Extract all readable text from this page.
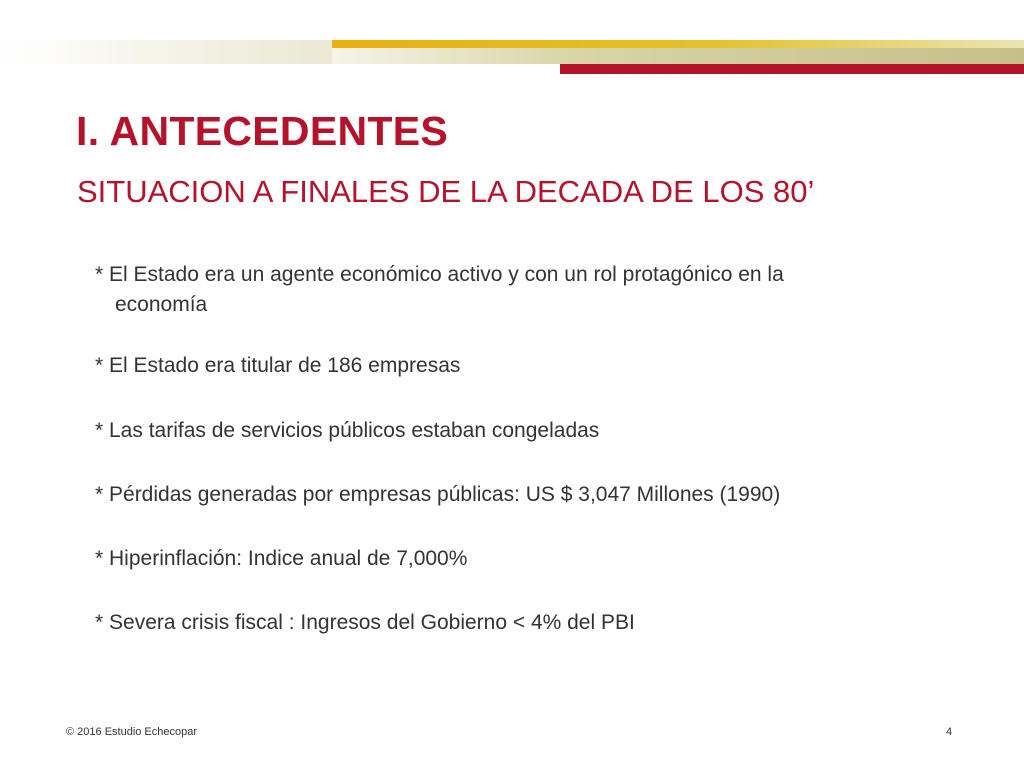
I. ANTECEDENTES
SITUACION A FINALES DE LA DECADA DE LOS 80’
* El Estado era un agente económico activo y con un rol protagónico en la
economía
* El Estado era titular de 186 empresas
* Las tarifas de servicios públicos estaban congeladas
* Pérdidas generadas por empresas públicas: US $ 3,047 Millones (1990)
* Hiperinflación: Indice anual de 7,000%
* Severa crisis fiscal : Ingresos del Gobierno < 4% del PBI
© 2016 Estudio Echecopar	4
